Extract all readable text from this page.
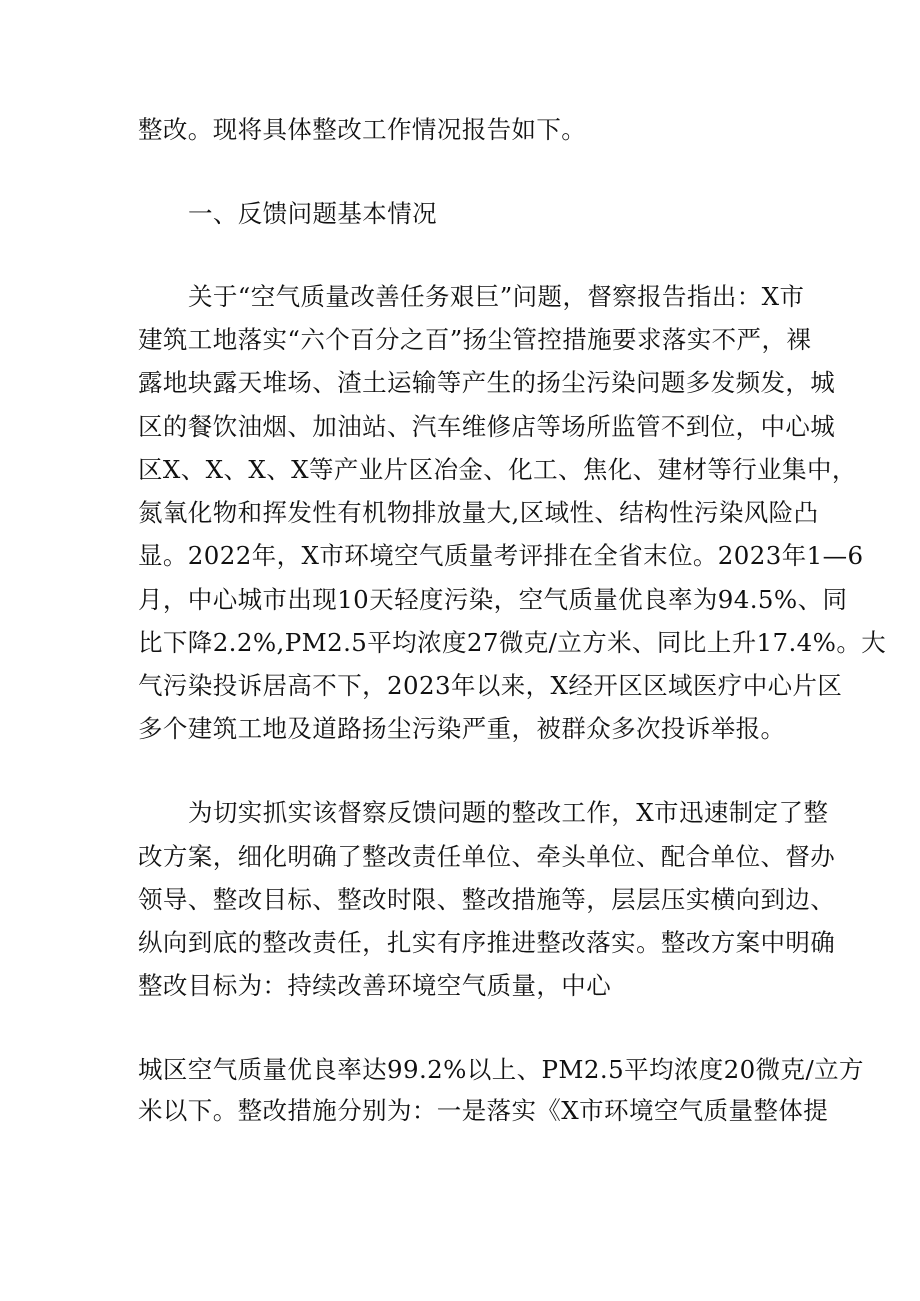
整改。现将具体整改工作情况报告如下。
一、反馈问题基本情况
关于“空气质量改善任务艰巨”问题，督察报告指出：X市
建筑工地落实“六个百分之百”扬尘管控措施要求落实不严，裸
露地块露天堆场、渣土运输等产生的扬尘污染问题多发频发，城
区的餐饮油烟、加油站、汽车维修店等场所监管不到位，中心城
区X、X、X、X等产业片区冶金、化工、焦化、建材等行业集中，
氮氧化物和挥发性有机物排放量大,区域性、结构性污染风险凸
显。2022年，X市环境空气质量考评排在全省末位。2023年1—6
月，中心城市出现10天轻度污染，空气质量优良率为94.5%、同
比下降2.2%,PM2.5平均浓度27微克/立方米、同比上升17.4%。大
气污染投诉居高不下，2023年以来，X经开区区域医疗中心片区
多个建筑工地及道路扬尘污染严重，被群众多次投诉举报。
为切实抓实该督察反馈问题的整改工作，X市迅速制定了整
改方案，细化明确了整改责任单位、牵头单位、配合单位、督办
领导、整改目标、整改时限、整改措施等，层层压实横向到边、
纵向到底的整改责任，扎实有序推进整改落实。整改方案中明确
整改目标为：持续改善环境空气质量，中心
城区空气质量优良率达99.2%以上、PM2.5平均浓度20微克/立方
米以下。整改措施分别为：一是落实《X市环境空气质量整体提
